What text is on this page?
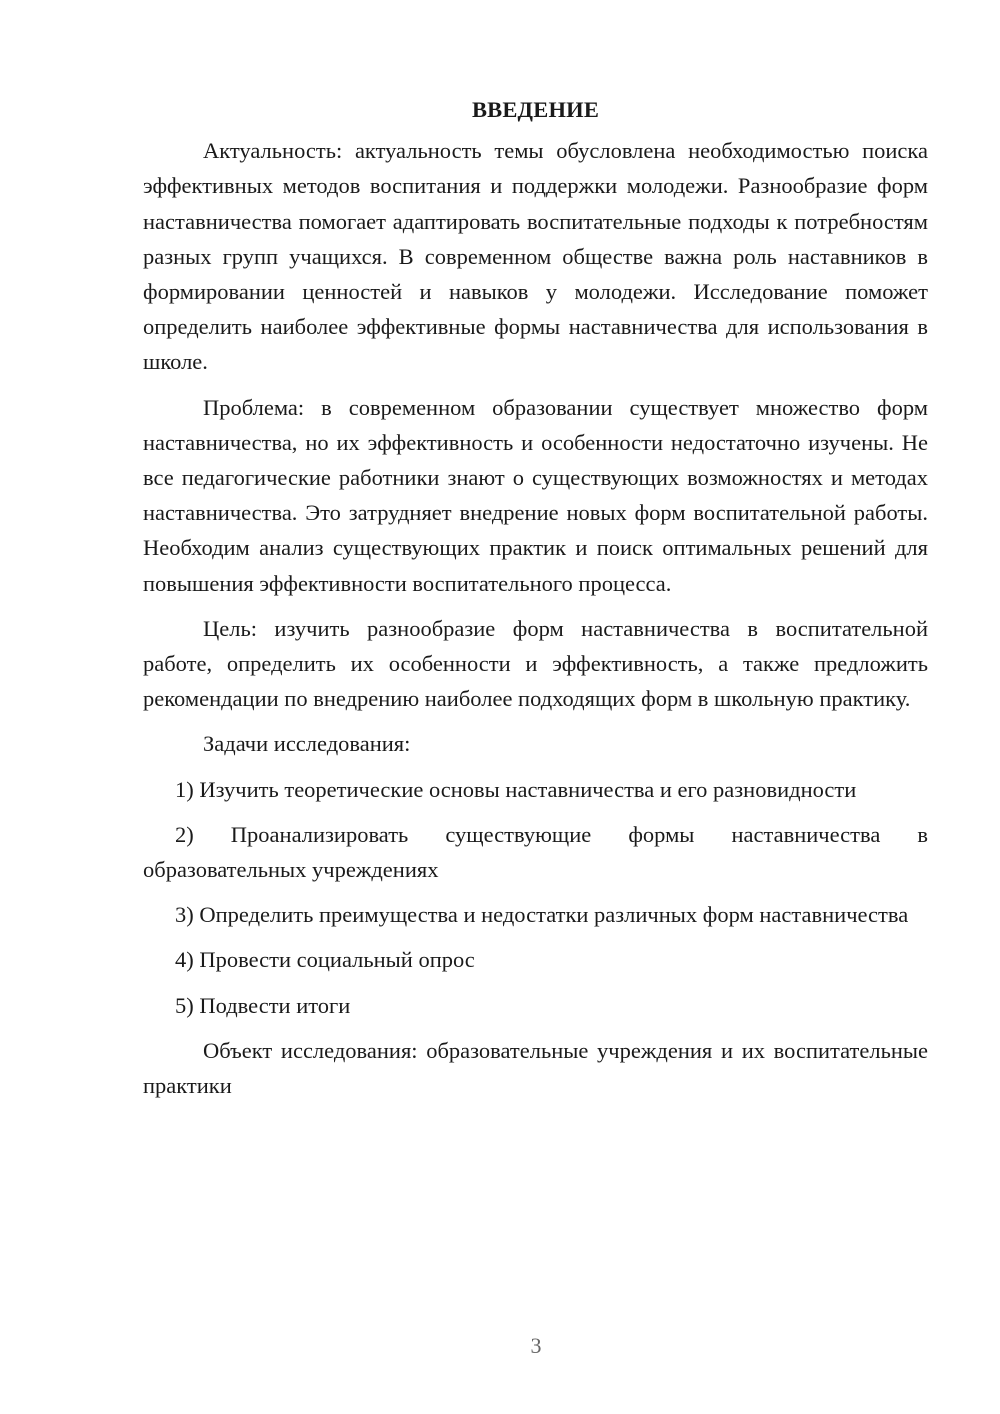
ВВЕДЕНИЕ

Актуальность: актуальность темы обусловлена необходимостью поиска эффективных методов воспитания и поддержки молодежи. Разнообразие форм наставничества помогает адаптировать воспитательные подходы к потребностям разных групп учащихся. В современном обществе важна роль наставников в формировании ценностей и навыков у молодежи. Исследование поможет определить наиболее эффективные формы наставничества для использования в школе.

Проблема: в современном образовании существует множество форм наставничества, но их эффективность и особенности недостаточно изучены. Не все педагогические работники знают о существующих возможностях и методах наставничества. Это затрудняет внедрение новых форм воспитательной работы. Необходим анализ существующих практик и поиск оптимальных решений для повышения эффективности воспитательного процесса.

Цель: изучить разнообразие форм наставничества в воспитательной работе, определить их особенности и эффективность, а также предложить рекомендации по внедрению наиболее подходящих форм в школьную практику.

Задачи исследования:

1) Изучить теоретические основы наставничества и его разновидности

2) Проанализировать существующие формы наставничества в образовательных учреждениях

3) Определить преимущества и недостатки различных форм наставничества

4) Провести социальный опрос

5) Подвести итоги

Объект исследования: образовательные учреждения и их воспитательные практики

3
